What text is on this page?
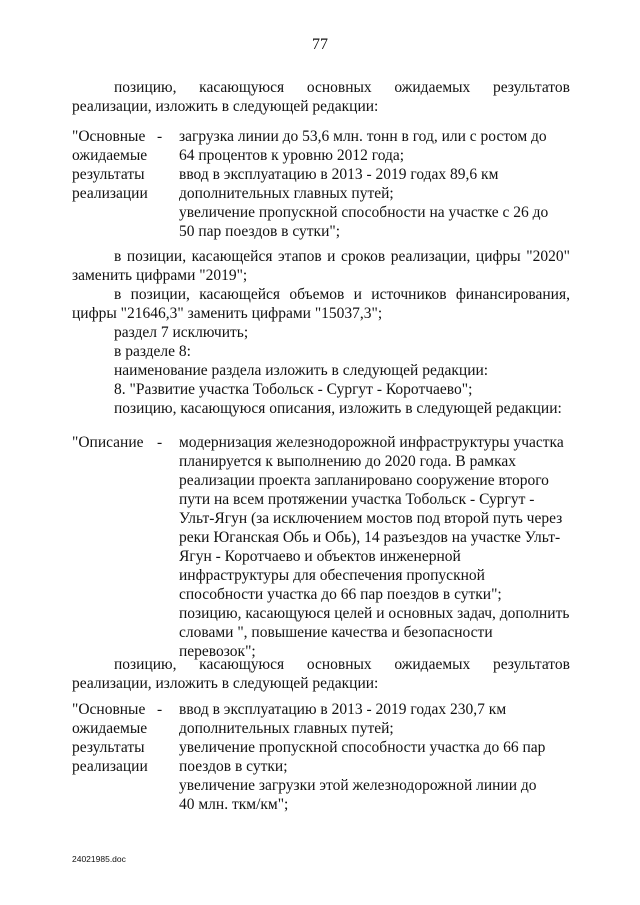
77
позицию, касающуюся основных ожидаемых результатов
реализации, изложить в следующей редакции:
"Основные
ожидаемые
результаты
реализации
- загрузка линии до 53,6 млн. тонн в год, или с ростом до
64 процентов к уровню 2012 года;
ввод в эксплуатацию в 2013 - 2019 годах 89,6 км
дополнительных главных путей;
увеличение пропускной способности на участке с 26 до
50 пар поездов в сутки";
в позиции, касающейся этапов и сроков реализации, цифры "2020"
заменить цифрами "2019";
в позиции, касающейся объемов и источников финансирования,
цифры "21646,3" заменить цифрами "15037,3";
раздел 7 исключить;
в разделе 8:
наименование раздела изложить в следующей редакции:
8. "Развитие участка Тобольск - Сургут - Коротчаево";
позицию, касающуюся описания, изложить в следующей редакции:
"Описание - модернизация железнодорожной инфраструктуры участка
планируется к выполнению до 2020 года. В рамках
реализации проекта запланировано сооружение второго
пути на всем протяжении участка Тобольск - Сургут -
Ульт-Ягун (за исключением мостов под второй путь через
реки Юганская Обь и Обь), 14 разъездов на участке Ульт-
Ягун - Коротчаево и объектов инженерной
инфраструктуры для обеспечения пропускной
способности участка до 66 пар поездов в сутки";
позицию, касающуюся целей и основных задач, дополнить
словами ", повышение качества и безопасности
перевозок";
позицию, касающуюся основных ожидаемых результатов
реализации, изложить в следующей редакции:
"Основные
ожидаемые
результаты
реализации
- ввод в эксплуатацию в 2013 - 2019 годах 230,7 км
дополнительных главных путей;
увеличение пропускной способности участка до 66 пар
поездов в сутки;
увеличение загрузки этой железнодорожной линии до
40 млн. ткм/км";
24021985.doc
